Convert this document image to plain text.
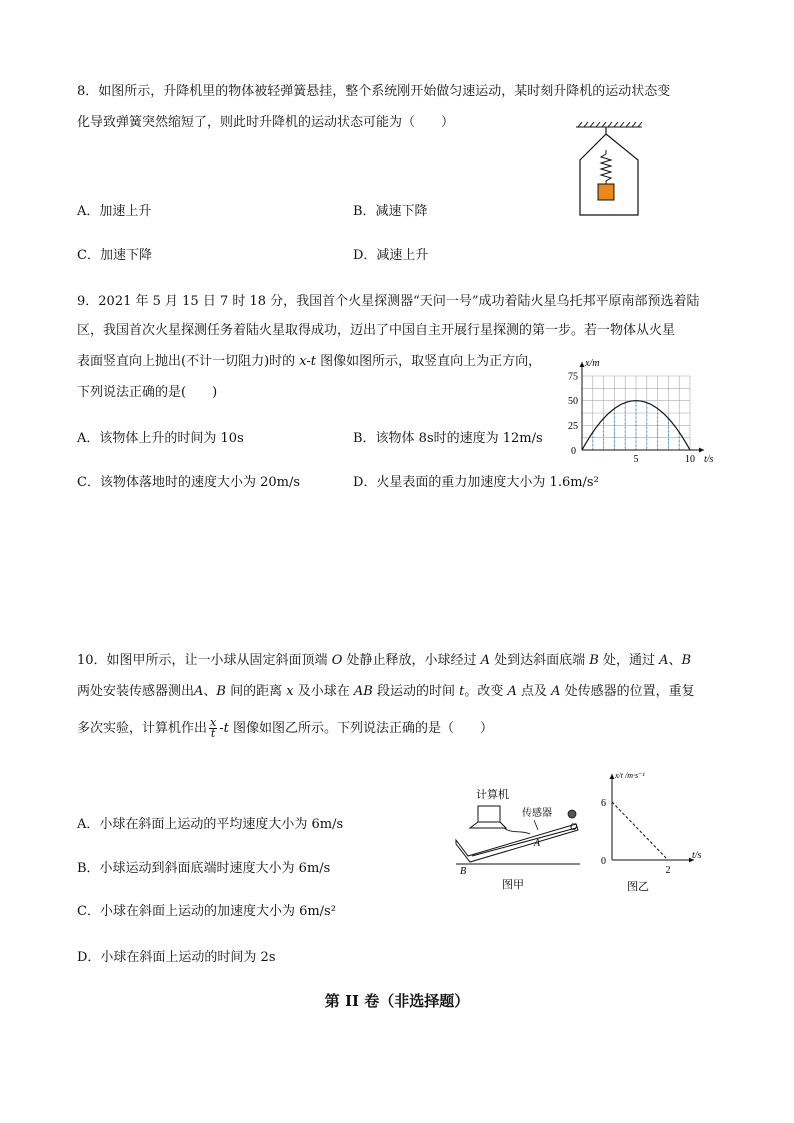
8．如图所示，升降机里的物体被轻弹簧悬挂，整个系统刚开始做匀速运动，某时刻升降机的运动状态变
化导致弹簧突然缩短了，则此时升降机的运动状态可能为（　　）
A．加速上升	B．减速下降
C．加速下降	D．减速上升
9．2021 年 5 月 15 日 7 时 18 分，我国首个火星探测器“天问一号”成功着陆火星乌托邦平原南部预选着陆
区，我国首次火星探测任务着陆火星取得成功，迈出了中国自主开展行星探测的第一步。若一物体从火星
表面竖直向上抛出(不计一切阻力)时的 x-t 图像如图所示，取竖直向上为正方向，
下列说法正确的是(　　)
A．该物体上升的时间为 10s	B．该物体 8s时的速度为 12m/s
C．该物体落地时的速度大小为 20m/s	D．火星表面的重力加速度大小为 1.6m/s²
25
50
75
0
5	10
x/m
t/s
10．如图甲所示，让一小球从固定斜面顶端 O 处静止释放，小球经过 A 处到达斜面底端 B 处，通过 A、B
两处安装传感器测出A、B 间的距离 x 及小球在 AB 段运动的时间 t。改变 A 点及 A 处传感器的位置，重复
多次实验，计算机作出 $\frac{x}{t} -t$ 图像如图乙所示。下列说法正确的是（　　）
A．小球在斜面上运动的平均速度大小为 6m/s
B．小球运动到斜面底端时速度大小为 6m/s
C．小球在斜面上运动的加速度大小为 6m/s²
D．小球在斜面上运动的时间为 2s
计算机
传感器
A
B
O
图甲
6
0
2
x/t /m·s⁻¹
t/s
图乙
第 II 卷（非选择题）
